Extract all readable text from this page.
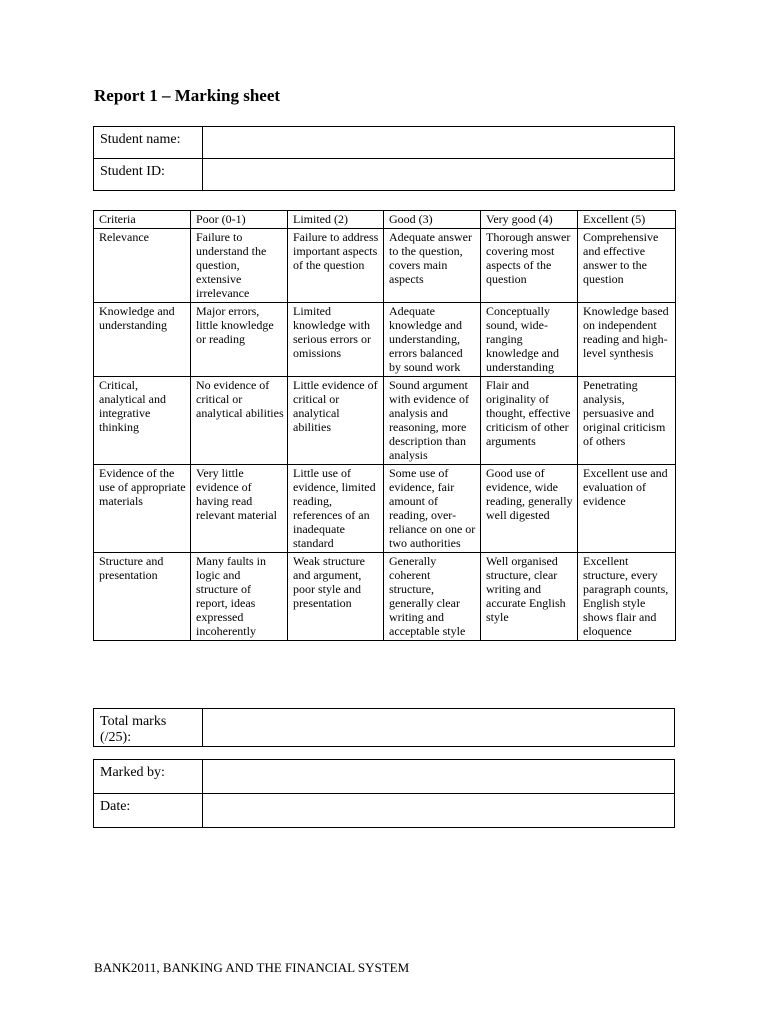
Report 1 – Marking sheet
Student name:	
Student ID:	
Criteria	Poor (0-1)	Limited (2)	Good (3)	Very good (4)	Excellent (5)
Relevance	Failure to understand the question, extensive irrelevance	Failure to address important aspects of the question	Adequate answer to the question, covers main aspects	Thorough answer covering most aspects of the question	Comprehensive and effective answer to the question
Knowledge and understanding	Major errors, little knowledge or reading	Limited knowledge with serious errors or omissions	Adequate knowledge and understanding, errors balanced by sound work	Conceptually sound, wide-ranging knowledge and understanding	Knowledge based on independent reading and high-level synthesis
Critical, analytical and integrative thinking	No evidence of critical or analytical abilities	Little evidence of critical or analytical abilities	Sound argument with evidence of analysis and reasoning, more description than analysis	Flair and originality of thought, effective criticism of other arguments	Penetrating analysis, persuasive and original criticism of others
Evidence of the use of appropriate materials	Very little evidence of having read relevant material	Little use of evidence, limited reading, references of an inadequate standard	Some use of evidence, fair amount of reading, over-reliance on one or two authorities	Good use of evidence, wide reading, generally well digested	Excellent use and evaluation of evidence
Structure and presentation	Many faults in logic and structure of report, ideas expressed incoherently	Weak structure and argument, poor style and presentation	Generally coherent structure, generally clear writing and acceptable style	Well organised structure, clear writing and accurate English style	Excellent structure, every paragraph counts, English style shows flair and eloquence
Total marks (/25):	
Marked by:	
Date:	
BANK2011, BANKING AND THE FINANCIAL SYSTEM
